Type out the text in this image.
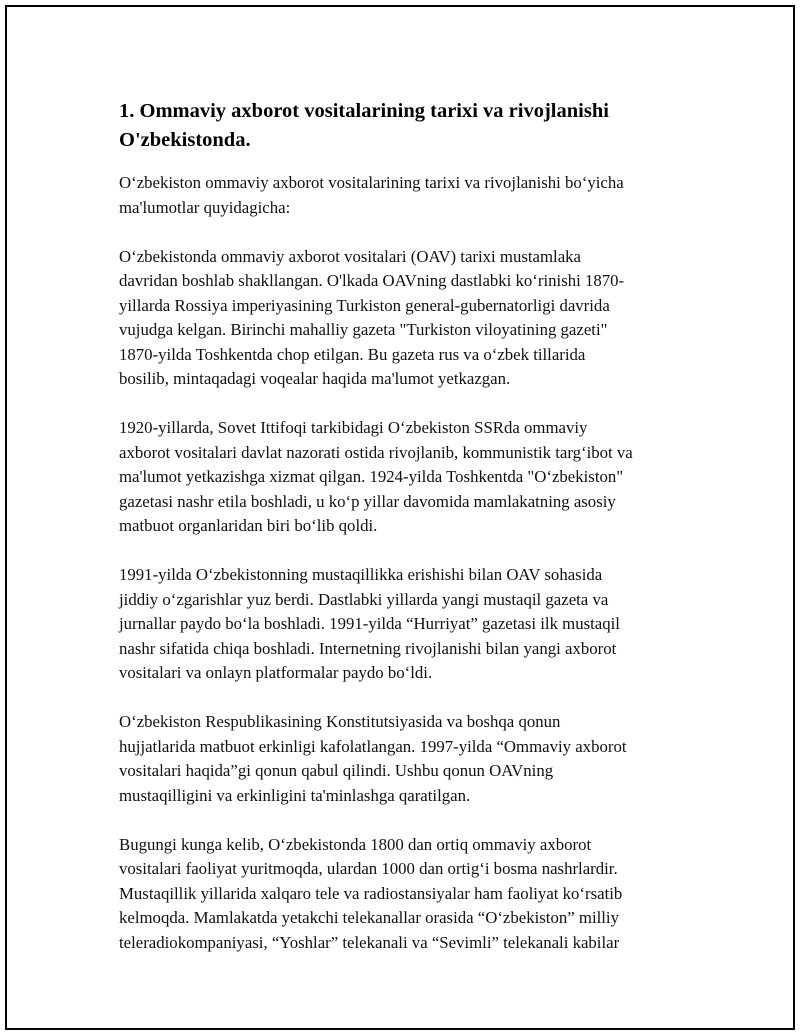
1. Ommaviy axborot vositalarining tarixi va rivojlanishi
O'zbekistonda.
O‘zbekiston ommaviy axborot vositalarining tarixi va rivojlanishi bo‘yicha
ma'lumotlar quyidagicha:
O‘zbekistonda ommaviy axborot vositalari (OAV) tarixi mustamlaka
davridan boshlab shakllangan. O'lkada OAVning dastlabki ko‘rinishi 1870-
yillarda Rossiya imperiyasining Turkiston general-gubernatorligi davrida
vujudga kelgan. Birinchi mahalliy gazeta "Turkiston viloyatining gazeti"
1870-yilda Toshkentda chop etilgan. Bu gazeta rus va o‘zbek tillarida
bosilib, mintaqadagi voqealar haqida ma'lumot yetkazgan.
1920-yillarda, Sovet Ittifoqi tarkibidagi O‘zbekiston SSRda ommaviy
axborot vositalari davlat nazorati ostida rivojlanib, kommunistik targ‘ibot va
ma'lumot yetkazishga xizmat qilgan. 1924-yilda Toshkentda "O‘zbekiston"
gazetasi nashr etila boshladi, u ko‘p yillar davomida mamlakatning asosiy
matbuot organlaridan biri bo‘lib qoldi.
1991-yilda O‘zbekistonning mustaqillikka erishishi bilan OAV sohasida
jiddiy o‘zgarishlar yuz berdi. Dastlabki yillarda yangi mustaqil gazeta va
jurnallar paydo bo‘la boshladi. 1991-yilda “Hurriyat” gazetasi ilk mustaqil
nashr sifatida chiqa boshladi. Internetning rivojlanishi bilan yangi axborot
vositalari va onlayn platformalar paydo bo‘ldi.
O‘zbekiston Respublikasining Konstitutsiyasida va boshqa qonun
hujjatlarida matbuot erkinligi kafolatlangan. 1997-yilda “Ommaviy axborot
vositalari haqida”gi qonun qabul qilindi. Ushbu qonun OAVning
mustaqilligini va erkinligini ta'minlashga qaratilgan.
Bugungi kunga kelib, O‘zbekistonda 1800 dan ortiq ommaviy axborot
vositalari faoliyat yuritmoqda, ulardan 1000 dan ortig‘i bosma nashrlardir.
Mustaqillik yillarida xalqaro tele va radiostansiyalar ham faoliyat ko‘rsatib
kelmoqda. Mamlakatda yetakchi telekanallar orasida “O‘zbekiston” milliy
teleradiokompaniyasi, “Yoshlar” telekanali va “Sevimli” telekanali kabilar
